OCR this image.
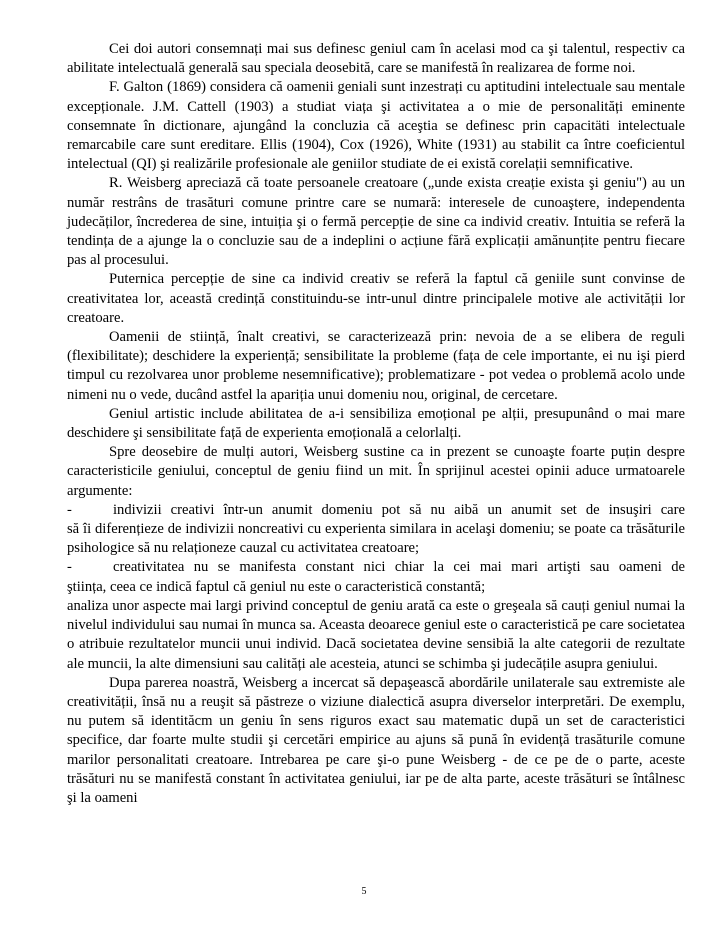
Cei doi autori consemnați mai sus definesc geniul cam în acelasi mod ca şi talentul, respectiv ca abilitate intelectuală generală sau speciala deosebită, care se manifestă în realizarea de forme noi.

F. Galton (1869) considera că oamenii geniali sunt inzestrați cu aptitudini intelectuale sau mentale excepționale. J.M. Cattell (1903) a studiat viața şi activitatea a o mie de personalități eminente consemnate în dictionare, ajungând la concluzia că aceştia se definesc prin capacitäti intelectuale remarcabile care sunt ereditare. Ellis (1904), Cox (1926), White (1931) au stabilit ca între coeficientul intelectual (QI) şi realizările profesionale ale geniilor studiate de ei există corelații semnificative.

R. Weisberg apreciază că toate persoanele creatoare („unde exista creație exista şi geniu") au un număr restrâns de trasături comune printre care se numară: interesele de cunoaştere, independenta judecăților, încrederea de sine, intuiția şi o fermă percepție de sine ca individ creativ. Intuitia se referă la tendința de a ajunge la o concluzie sau de a indeplini o acțiune fără explicații amănunțite pentru fiecare pas al procesului.

Puternica percepție de sine ca individ creativ se referă la faptul că geniile sunt convinse de creativitatea lor, această credință constituindu-se intr-unul dintre principalele motive ale activității lor creatoare.

Oamenii de stiință, înalt creativi, se caracterizează prin: nevoia de a se elibera de reguli (flexibilitate); deschidere la experiență; sensibilitate la probleme (fața de cele importante, ei nu işi pierd timpul cu rezolvarea unor probleme nesemnificative); problematizare - pot vedea o problemă acolo unde nimeni nu o vede, ducând astfel la apariția unui domeniu nou, original, de cercetare.

Geniul artistic include abilitatea de a-i sensibiliza emoțional pe alții, presupunând o mai mare deschidere şi sensibilitate față de experienta emoțională a celorlalți.

Spre deosebire de mulți autori, Weisberg sustine ca in prezent se cunoaşte foarte puțin despre caracteristicile geniului, conceptul de geniu fiind un mit. În sprijinul acestei opinii aduce urmatoarele argumente:

-	indivizii creativi într-un anumit domeniu pot să nu aibă un anumit set de insuşiri care

să îi diferențieze de indivizii noncreativi cu experienta similara in acelaşi domeniu; se poate ca trăsăturile psihologice să nu relaționeze cauzal cu activitatea creatoare;

-	creativitatea nu se manifesta constant nici chiar la cei mai mari artişti sau oameni de

ştiința, ceea ce indică faptul că geniul nu este o caracteristică constantă;

analiza unor aspecte mai largi privind conceptul de geniu arată ca este o greşeala să cauți geniul numai la nivelul individului sau numai în munca sa. Aceasta deoarece geniul este o caracteristică pe care societatea o atribuie rezultatelor muncii unui individ. Dacă societatea devine sensibiă la alte categorii de rezultate ale muncii, la alte dimensiuni sau calități ale acesteia, atunci se schimba şi judecățile asupra geniului.

Dupa parerea noastră, Weisberg a incercat să depaşească abordările unilaterale sau extremiste ale creativității, însă nu a reuşit să păstreze o viziune dialectică asupra diverselor interpretări. De exemplu, nu putem să identităcm un geniu în sens riguros exact sau matematic după un set de caracteristici specifice, dar foarte multe studii şi cercetări empirice au ajuns să pună în evidență trasăturile comune marilor personalitati creatoare. Intrebarea pe care şi-o pune Weisberg - de ce pe de o parte, aceste trăsături nu se manifestă constant în activitatea geniului, iar pe de alta parte, aceste trăsături se întâlnesc şi la oameni

5
